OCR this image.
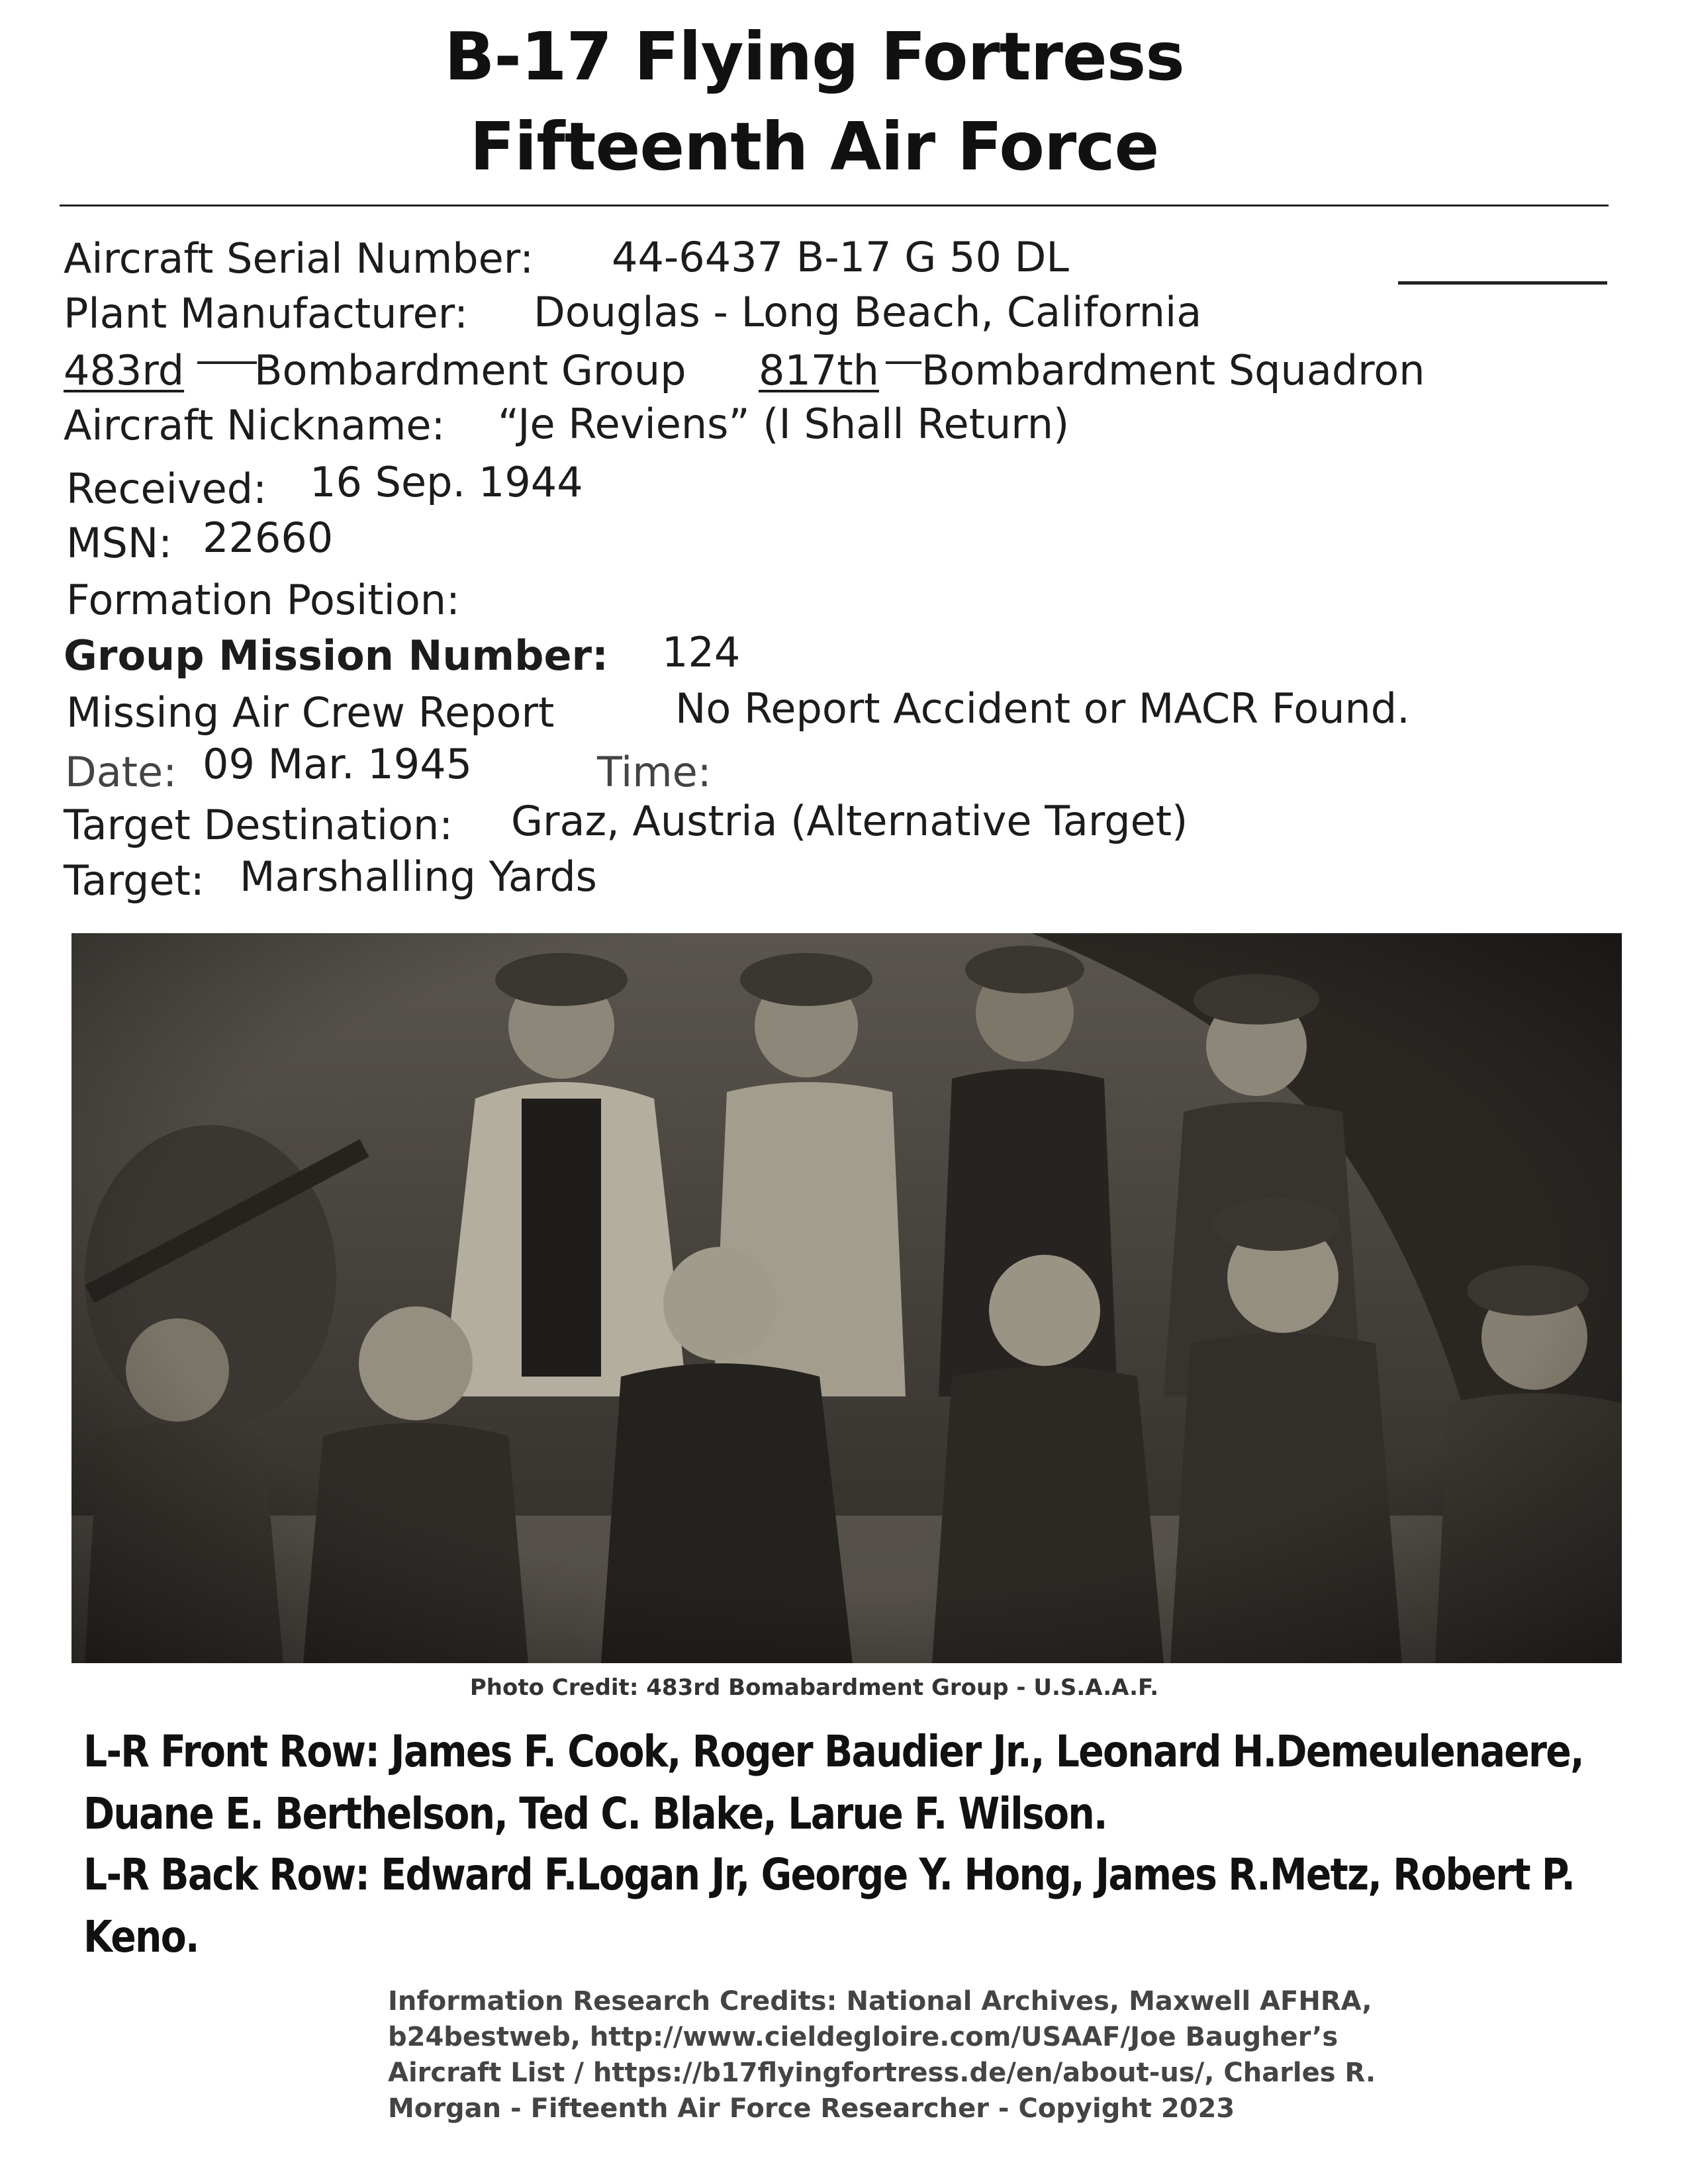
B-17 Flying Fortress
Fifteenth Air Force
Aircraft Serial Number: 44-6437 B-17 G 50 DL
Plant Manufacturer: Douglas - Long Beach, California
483rd Bombardment Group 817th Bombardment Squadron
Aircraft Nickname: “Je Reviens” (I Shall Return)
Received: 16 Sep. 1944
MSN: 22660
Formation Position:
Group Mission Number: 124
Missing Air Crew Report	No Report Accident or MACR Found.
Date: 09 Mar. 1945	Time:
Target Destination: Graz, Austria (Alternative Target)
Target: Marshalling Yards
Photo Credit: 483rd Bomabardment Group - U.S.A.A.F.
L-R Front Row: James F. Cook, Roger Baudier Jr., Leonard H.Demeulenaere,
Duane E. Berthelson, Ted C. Blake, Larue F. Wilson.
L-R Back Row: Edward F.Logan Jr, George Y. Hong, James R.Metz, Robert P.
Keno.
Information Research Credits: National Archives, Maxwell AFHRA,
b24bestweb, http://www.cieldegloire.com/USAAF/Joe Baugher’s
Aircraft List / https://b17flyingfortress.de/en/about-us/, Charles R.
Morgan - Fifteenth Air Force Researcher - Copyight 2023
